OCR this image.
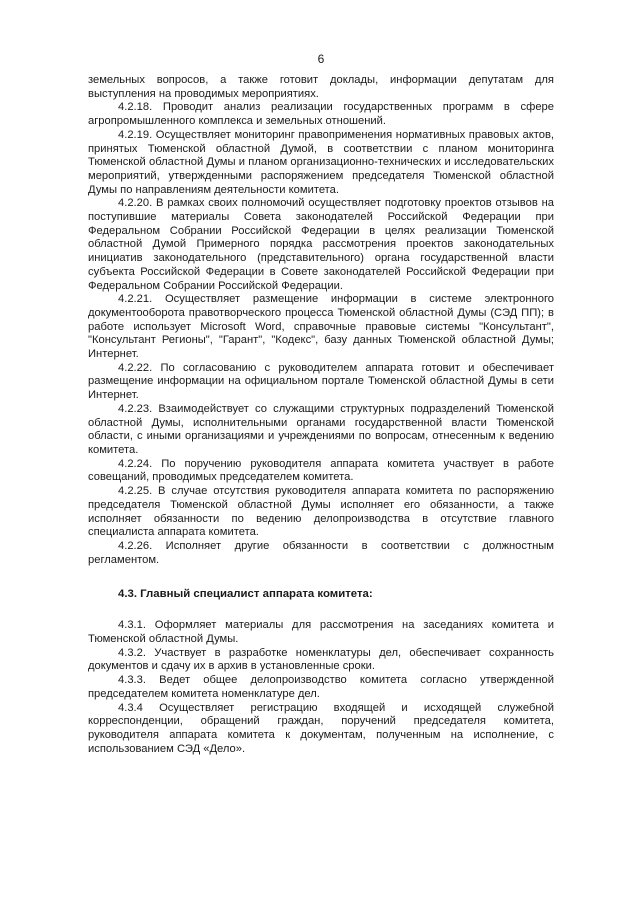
6

земельных вопросов, а также готовит доклады, информации депутатам для выступления на проводимых мероприятиях.

4.2.18. Проводит анализ реализации государственных программ в сфере агропромышленного комплекса и земельных отношений.

4.2.19. Осуществляет мониторинг правоприменения нормативных правовых актов, принятых Тюменской областной Думой, в соответствии с планом мониторинга Тюменской областной Думы и планом организационно-технических и исследовательских мероприятий, утвержденными распоряжением председателя Тюменской областной Думы по направлениям деятельности комитета.

4.2.20. В рамках своих полномочий осуществляет подготовку проектов отзывов на поступившие материалы Совета законодателей Российской Федерации при Федеральном Собрании Российской Федерации в целях реализации Тюменской областной Думой Примерного порядка рассмотрения проектов законодательных инициатив законодательного (представительного) органа государственной власти субъекта Российской Федерации в Совете законодателей Российской Федерации при Федеральном Собрании Российской Федерации.

4.2.21. Осуществляет размещение информации в системе электронного документооборота правотворческого процесса Тюменской областной Думы (СЭД ПП); в работе использует Microsoft Word, справочные правовые системы "Консультант", "Консультант Регионы", "Гарант", "Кодекс", базу данных Тюменской областной Думы; Интернет.

4.2.22. По согласованию с руководителем аппарата готовит и обеспечивает размещение информации на официальном портале Тюменской областной Думы в сети Интернет.

4.2.23. Взаимодействует со служащими структурных подразделений Тюменской областной Думы, исполнительными органами государственной власти Тюменской области, с иными организациями и учреждениями по вопросам, отнесенным к ведению комитета.

4.2.24. По поручению руководителя аппарата комитета участвует в работе совещаний, проводимых председателем комитета.

4.2.25. В случае отсутствия руководителя аппарата комитета по распоряжению председателя Тюменской областной Думы исполняет его обязанности, а также исполняет обязанности по ведению делопроизводства в отсутствие главного специалиста аппарата комитета.

4.2.26. Исполняет другие обязанности в соответствии с должностным регламентом.

4.3. Главный специалист аппарата комитета:

4.3.1. Оформляет материалы для рассмотрения на заседаниях комитета и Тюменской областной Думы.

4.3.2. Участвует в разработке номенклатуры дел, обеспечивает сохранность документов и сдачу их в архив в установленные сроки.

4.3.3. Ведет общее делопроизводство комитета согласно утвержденной председателем комитета номенклатуре дел.

4.3.4 Осуществляет регистрацию входящей и исходящей служебной корреспонденции, обращений граждан, поручений председателя комитета, руководителя аппарата комитета к документам, полученным на исполнение, с использованием СЭД «Дело».
